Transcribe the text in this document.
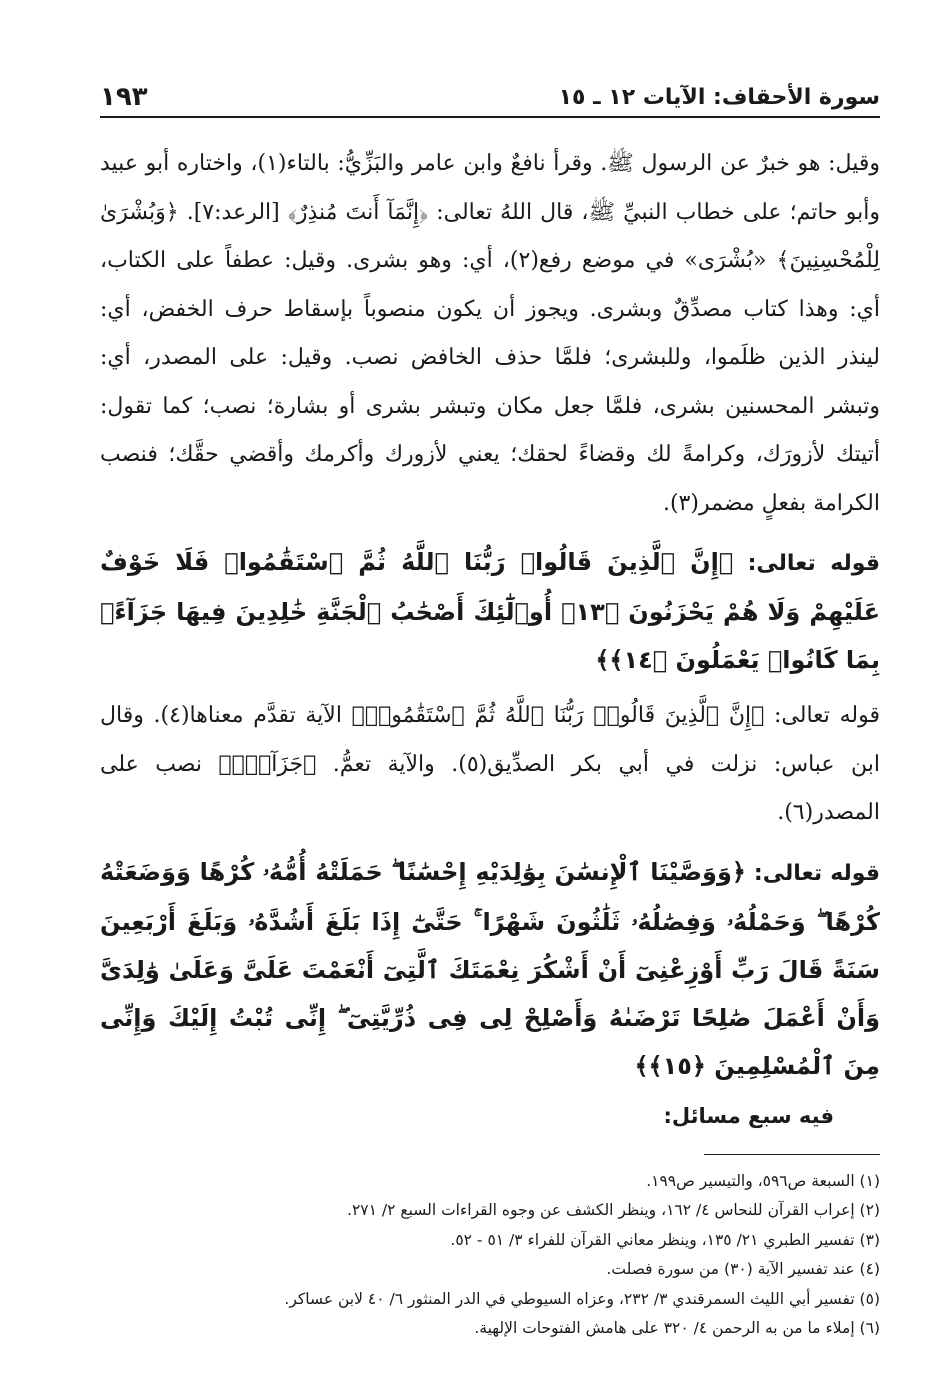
سورة الأحقاف: الآيات ١٢ ـ ١٥
١٩٣

وقيل: هو خبرٌ عن الرسول ﷺ. وقرأ نافعٌ وابن عامر والبَزِّيُّ: بالتاء(١)، واختاره أبو عبيد وأبو حاتم؛ على خطاب النبيِّ ﷺ، قال اللهُ تعالى: ﴿إِنَّمَآ أَنتَ مُنذِرٌ﴾ [الرعد:٧]. ﴿وَبُشْرَىٰ لِلْمُحْسِنِينَ﴾ «بُشْرَى» في موضع رفع(٢)، أي: وهو بشرى. وقيل: عطفاً على الكتاب، أي: وهذا كتاب مصدِّقٌ وبشرى. ويجوز أن يكون منصوباً بإسقاط حرف الخفض، أي: لينذر الذين ظلَموا، وللبشرى؛ فلمَّا حذف الخافض نصب. وقيل: على المصدر، أي: وتبشر المحسنين بشرى، فلمَّا جعل مكان وتبشر بشرى أو بشارة؛ نصب؛ كما تقول: أتيتك لأزورَك، وكرامةً لك وقضاءً لحقك؛ يعني لأزورك وأكرمك وأقضي حقَّك؛ فنصب الكرامة بفعلٍ مضمر(٣).

قوله تعالى: ﴿إِنَّ ٱلَّذِينَ قَالُوا۟ رَبُّنَا ٱللَّهُ ثُمَّ ٱسْتَقَٰمُوا۟ فَلَا خَوْفٌ عَلَيْهِمْ وَلَا هُمْ يَحْزَنُونَ ﴿١٣﴾ أُو۟لَٰٓئِكَ أَصْحَٰبُ ٱلْجَنَّةِ خَٰلِدِينَ فِيهَا جَزَآءًۢ بِمَا كَانُوا۟ يَعْمَلُونَ ﴿١٤﴾﴾

قوله تعالى: ﴿إِنَّ ٱلَّذِينَ قَالُوا۟ رَبُّنَا ٱللَّهُ ثُمَّ ٱسْتَقَٰمُوا۟﴾ الآية تقدَّم معناها(٤). وقال ابن عباس: نزلت في أبي بكر الصدِّيق(٥). والآية تعمُّ. ﴿جَزَآءًۢ﴾ نصب على المصدر(٦).

قوله تعالى: ﴿وَوَصَّيْنَا ٱلْإِنسَٰنَ بِوَٰلِدَيْهِ إِحْسَٰنًا ۖ حَمَلَتْهُ أُمُّهُۥ كُرْهًا وَوَضَعَتْهُ كُرْهًا ۖ وَحَمْلُهُۥ وَفِصَٰلُهُۥ ثَلَٰثُونَ شَهْرًا ۚ حَتَّىٰٓ إِذَا بَلَغَ أَشُدَّهُۥ وَبَلَغَ أَرْبَعِينَ سَنَةً قَالَ رَبِّ أَوْزِعْنِىٓ أَنْ أَشْكُرَ نِعْمَتَكَ ٱلَّتِىٓ أَنْعَمْتَ عَلَىَّ وَعَلَىٰ وَٰلِدَىَّ وَأَنْ أَعْمَلَ صَٰلِحًا تَرْضَىٰهُ وَأَصْلِحْ لِى فِى ذُرِّيَّتِىٓ ۖ إِنِّى تُبْتُ إِلَيْكَ وَإِنِّى مِنَ ٱلْمُسْلِمِينَ ﴿١٥﴾﴾
فيه سبع مسائل:
(١) السبعة ص٥٩٦، والتيسير ص١٩٩.
(٢) إعراب القرآن للنحاس ٤/ ١٦٢، وينظر الكشف عن وجوه القراءات السبع ٢/ ٢٧١.
(٣) تفسير الطبري ٢١/ ١٣٥، وينظر معاني القرآن للفراء ٣/ ٥١ - ٥٢.
(٤) عند تفسير الآية (٣٠) من سورة فصلت.
(٥) تفسير أبي الليث السمرقندي ٣/ ٢٣٢، وعزاه السيوطي في الدر المنثور ٦/ ٤٠ لابن عساكر.
(٦) إملاء ما من به الرحمن ٤/ ٣٢٠ على هامش الفتوحات الإلهية.
